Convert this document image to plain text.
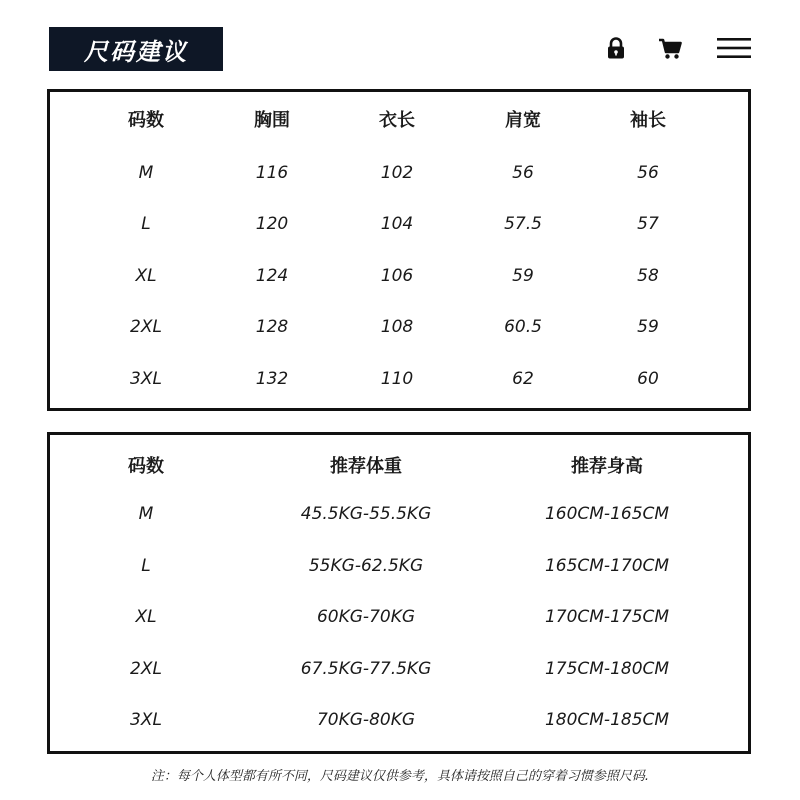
尺码建议
码数	胸围	衣长	肩宽	袖长
M	116	102	56	56
L	120	104	57.5	57
XL	124	106	59	58
2XL	128	108	60.5	59
3XL	132	110	62	60
码数	推荐体重	推荐身高
M	45.5KG-55.5KG	160CM-165CM
L	55KG-62.5KG	165CM-170CM
XL	60KG-70KG	170CM-175CM
2XL	67.5KG-77.5KG	175CM-180CM
3XL	70KG-80KG	180CM-185CM
注：每个人体型都有所不同，尺码建议仅供参考，具体请按照自己的穿着习惯参照尺码.
